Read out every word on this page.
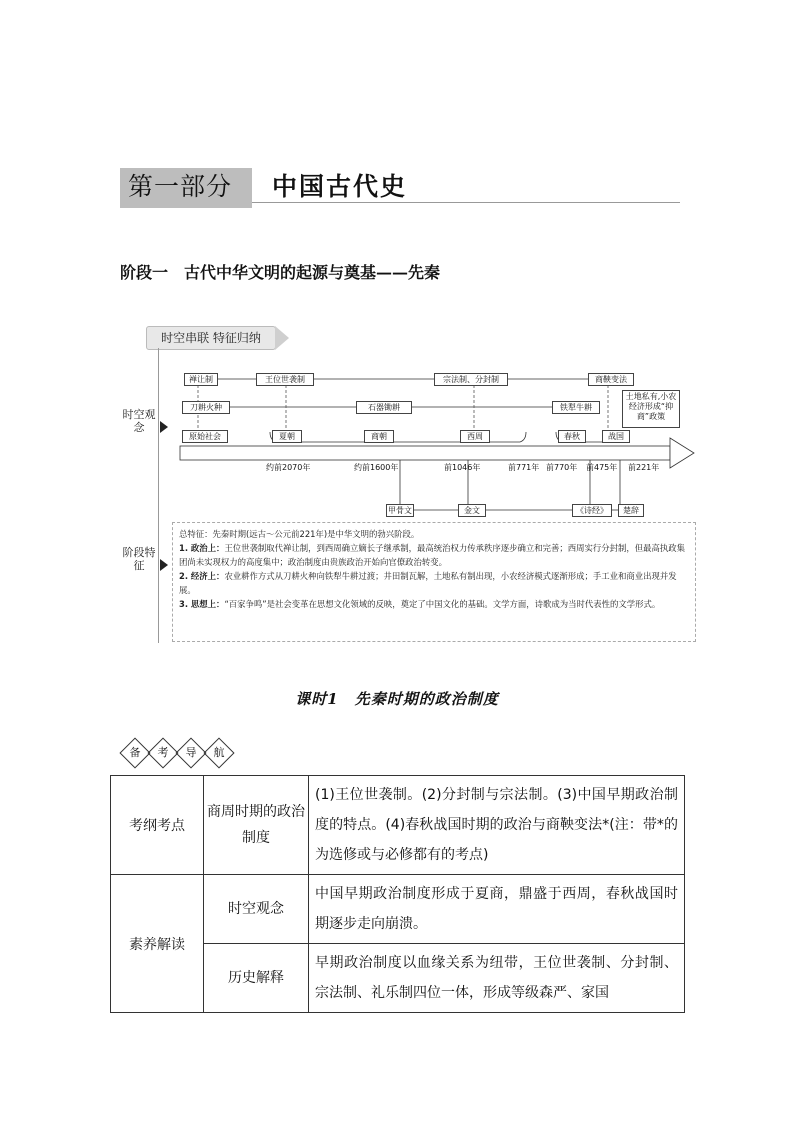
第一部分	中国古代史
阶段一　古代中华文明的起源与奠基——先秦
时空串联 特征归纳
时空观念
阶段特征
禅让制	王位世袭制	宗法制、分封制	商鞅变法
土地私有,小农经济形成“抑商”政策
刀耕火种	石器锄耕	铁犁牛耕
原始社会	夏朝	商朝	西周	春秋	战国
约前2070年	约前1600年	前1046年	前771年 前770年 前475年 前221年
甲骨文	金文	《诗经》	楚辞

总特征：先秦时期(远古～公元前221年)是中华文明的勃兴阶段。

1. 政治上：王位世袭制取代禅让制，到西周确立嫡长子继承制，最高统治权力传承秩序逐步确立和完善；西周实行分封制，但最高执政集团尚未实现权力的高度集中；政治制度由贵族政治开始向官僚政治转变。

2. 经济上：农业耕作方式从刀耕火种向铁犁牛耕过渡；井田制瓦解，土地私有制出现，小农经济模式逐渐形成；手工业和商业出现并发展。

3. 思想上：“百家争鸣”是社会变革在思想文化领域的反映，奠定了中国文化的基础。文学方面，诗歌成为当时代表性的文学形式。

课时1　先秦时期的政治制度
备	考	导	航
考纲考点	商周时期的政治制度	(1)王位世袭制。(2)分封制与宗法制。(3)中国早期政治制度的特点。(4)春秋战国时期的政治与商鞅变法*(注：带*的为选修或与必修都有的考点)
素养解读	时空观念	中国早期政治制度形成于夏商，鼎盛于西周，春秋战国时期逐步走向崩溃。
	历史解释	早期政治制度以血缘关系为纽带，王位世袭制、分封制、宗法制、礼乐制四位一体，形成等级森严、家国
